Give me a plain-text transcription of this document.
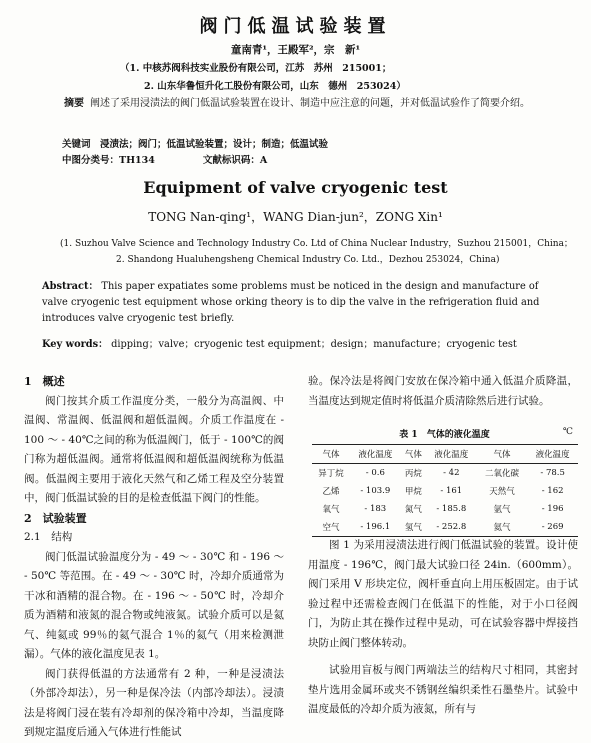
阀门低温试验装置
童南青¹，王殿军²，宗　新¹
（1. 中核苏阀科技实业股份有限公司，江苏　苏州　215001；
2. 山东华鲁恒升化工股份有限公司，山东　德州　253024）
摘要 阐述了采用浸渍法的阀门低温试验装置在设计、制造中应注意的问题，并对低温试验作了简要介绍。
关键词　浸渍法；阀门；低温试验装置；设计；制造；低温试验
中图分类号：TH134	文献标识码：A
Equipment of valve cryogenic test
TONG Nan-qing¹，WANG Dian-jun²，ZONG Xin¹
(1. Suzhou Valve Science and Technology Industry Co. Ltd of China Nuclear Industry，Suzhou 215001，China；
2. Shandong Hualuhengsheng Chemical Industry Co. Ltd.，Dezhou 253024，China)
Abstract： This paper expatiates some problems must be noticed in the design and manufacture of valve cryogenic test equipment whose orking theory is to dip the valve in the refrigeration fluid and introduces valve cryogenic test briefly.
Key words： dipping；valve；cryogenic test equipment；design；manufacture；cryogenic test

1　概述

阀门按其介质工作温度分类，一般分为高温阀、中温阀、常温阀、低温阀和超低温阀。介质工作温度在 - 100 ～ - 40℃之间的称为低温阀门，低于 - 100℃的阀门称为超低温阀。通常将低温阀和超低温阀统称为低温阀。低温阀主要用于液化天然气和乙烯工程及空分装置中，阀门低温试验的目的是检查低温下阀门的性能。

2　试验装置

2.1　结构

阀门低温试验温度分为 - 49 ～ - 30℃ 和 - 196 ～ - 50℃ 等范围。在 - 49 ～ - 30℃ 时，冷却介质通常为干冰和酒精的混合物。在 - 196 ～ - 50℃ 时，冷却介质为酒精和液氮的混合物或纯液氮。试验介质可以是氦气、纯氦或 99％的氦气混合 1％的氦气（用来检测泄漏）。气体的液化温度见表 1。

阀门获得低温的方法通常有 2 种，一种是浸渍法（外部冷却法），另一种是保冷法（内部冷却法）。浸渍法是将阀门浸在装有冷却剂的保冷箱中冷却，当温度降到规定温度后通入气体进行性能试

验。保冷法是将阀门安放在保冷箱中通入低温介质降温，当温度达到规定值时将低温介质清除然后进行试验。

表 1　气体的液化温度	℃
气体	液化温度	气体	液化温度	气体	液化温度
异丁烷	- 0.6	丙烷	- 42	二氧化碳	- 78.5
乙烯	- 103.9	甲烷	- 161	天然气	- 162
氧气	- 183	氮气	- 185.8	氩气	- 196
空气	- 196.1	氢气	- 252.8	氦气	- 269

图 1 为采用浸渍法进行阀门低温试验的装置。设计使用温度 - 196℃，阀门最大试验口径 24in.（600mm）。阀门采用 V 形块定位，阀杆垂直向上用压板固定。由于试验过程中还需检查阀门在低温下的性能，对于小口径阀门，为防止其在操作过程中晃动，可在试验容器中焊接挡块防止阀门整体转动。

试验用盲板与阀门两端法兰的结构尺寸相同，其密封垫片选用金属环或夹不锈钢丝编织柔性石墨垫片。试验中温度最低的冷却介质为液氮，所有与
